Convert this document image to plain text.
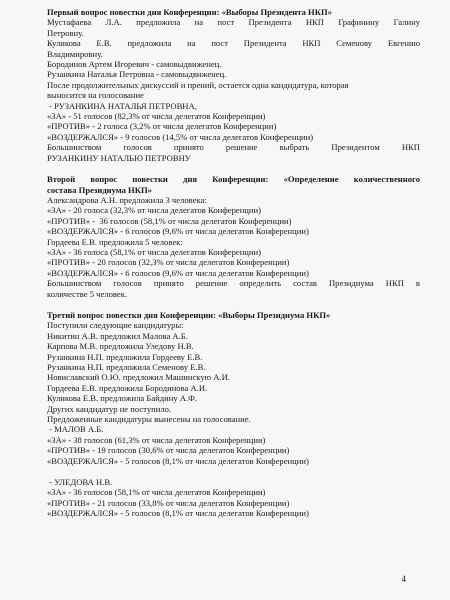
Первый вопрос повестки дня Конференции: «Выборы Президента НКП»
Мустафаева Л.А. предложила на пост Президента НКП Графинину Галину
Петровну.
Куликова Е.В. предложила на пост Президента НКП Семенову Евгению
Владимировну.
Бородинов Артем Игоревич - самовыдвиженец.
Рузанкина Наталья Петровна - самовыдвиженец.
После продолжительных дискуссий и прений, остается одна кандидатура, которая
выносится на голосование
- РУЗАНКИНА НАТАЛЬЯ ПЕТРОВНА,
«ЗА» - 51 голосов (82,3% от числа делегатов Конференции)
«ПРОТИВ» - 2 голоса (3,2% от числа делегатов Конференции)
«ВОЗДЕРЖАЛСЯ» - 9 голосов (14,5% от числа делегатов Конференции)
Большинством голосов принято решение выбрать Президентом НКП
РУЗАНКИНУ НАТАЛЬЮ ПЕТРОВНУ
Второй вопрос повестки дня Конференции: «Определение количественного
состава Президиума НКП»
Александрова А.Н. предложила 3 человека:
«ЗА» - 20 голоса (32,3% от числа делегатов Конференции)
«ПРОТИВ» -  36 голосов (58,1% от числа делегатов Конференции)
«ВОЗДЕРЖАЛСЯ» - 6 голосов (9,6% от числа делегатов Конференции)
Гордеева Е.В. предложила 5 человек:
«ЗА» - 36 голоса (58,1% от числа делегатов Конференции)
«ПРОТИВ» - 20 голосов (32,3% от числа делегатов Конференции)
«ВОЗДЕРЖАЛСЯ» - 6 голосов (9,6% от числа делегатов Конференции)
Большинством голосов принято решение определить состав Президиума НКП в
количестве 5 человек.
Третий вопрос повестки дня Конференции: «Выборы Президиума НКП»
Поступили следующие кандидатуры:
Никитин А.В. предложил Малова А.Б.
Карпова М.В. предложила Уледову Н.В.
Рузанкина Н.П. предложила Гордееву Е.В.
Рузанкина Н.П. предложила Семенову Е.В.
Новиславский О.Ю. предложил Машинскую А.И.
Гордеева Е.В. предложила Бородинова А.И.
Куликова Е.В. предложила Байдину А.Ф.
Других кандидатур не поступило.
Предложенные кандидатуры вынесены на голосование.
- МАЛОВ А.Б.
«ЗА» - 38 голосов (61,3% от числа делегатов Конференции)
«ПРОТИВ» - 19 голосов (30,6% от числа делегатов Конференции)
«ВОЗДЕРЖАЛСЯ» - 5 голосов (8,1% от числа делегатов Конференции)
- УЛЕДОВА Н.В.
«ЗА» - 36 голосов (58,1% от числа делегатов Конференции)
«ПРОТИВ» - 21 голосов (33,8% от числа делегатов Конференции)
«ВОЗДЕРЖАЛСЯ» - 5 голосов (8,1% от числа делегатов Конференции)
4
